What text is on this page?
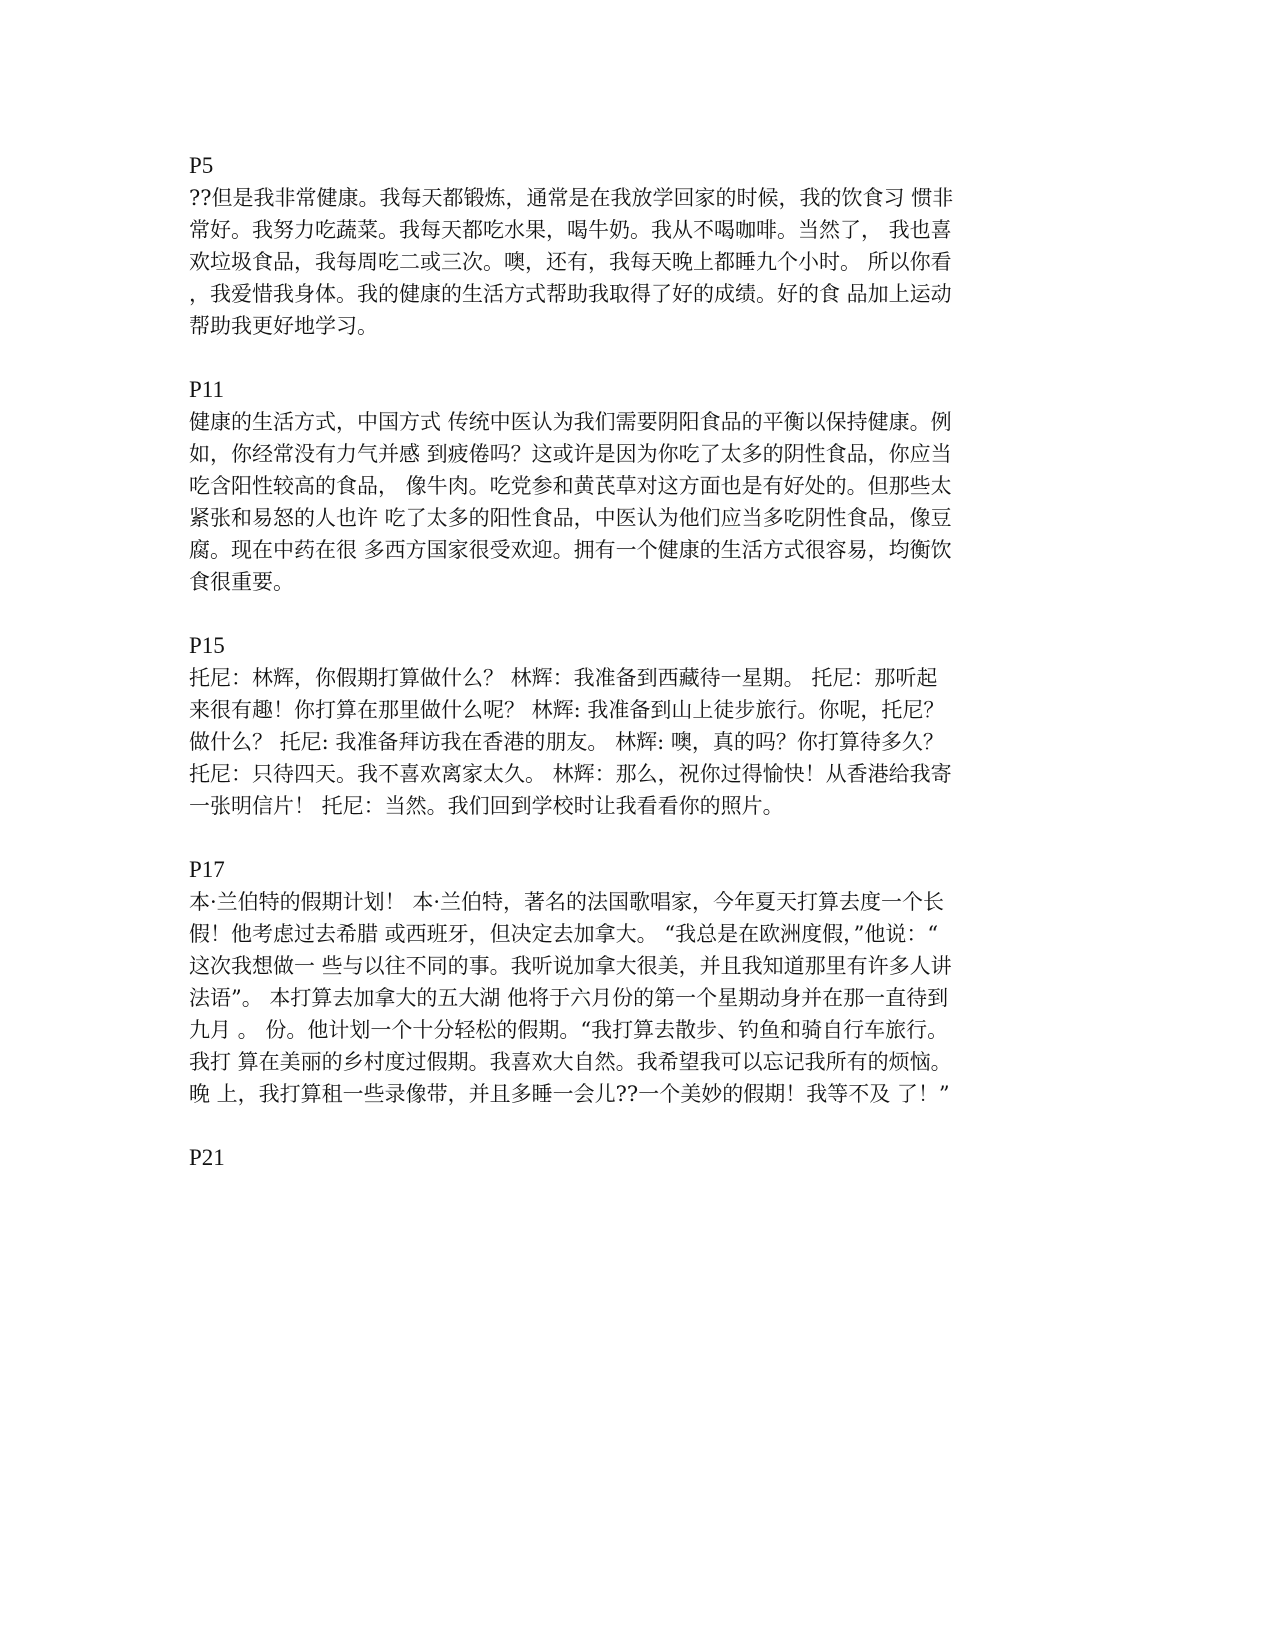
P5
??但是我非常健康。我每天都锻炼，通常是在我放学回家的时候，我的饮食习 惯非
常好。我努力吃蔬菜。我每天都吃水果，喝牛奶。我从不喝咖啡。当然了， 我也喜
欢垃圾食品，我每周吃二或三次。噢，还有，我每天晚上都睡九个小时。 所以你看
，我爱惜我身体。我的健康的生活方式帮助我取得了好的成绩。好的食 品加上运动
帮助我更好地学习。
P11
健康的生活方式，中国方式 传统中医认为我们需要阴阳食品的平衡以保持健康。例
如，你经常没有力气并感 到疲倦吗？这或许是因为你吃了太多的阴性食品，你应当
吃含阳性较高的食品， 像牛肉。吃党参和黄芪草对这方面也是有好处的。但那些太
紧张和易怒的人也许 吃了太多的阳性食品，中医认为他们应当多吃阴性食品，像豆
腐。现在中药在很 多西方国家很受欢迎。拥有一个健康的生活方式很容易，均衡饮
食很重要。
P15
托尼：林辉，你假期打算做什么？ 林辉：我准备到西藏待一星期。 托尼：那听起
来很有趣！你打算在那里做什么呢？ 林辉: 我准备到山上徒步旅行。你呢，托尼？
做什么？ 托尼: 我准备拜访我在香港的朋友。 林辉: 噢，真的吗？你打算待多久？
托尼：只待四天。我不喜欢离家太久。 林辉：那么，祝你过得愉快！从香港给我寄
一张明信片！ 托尼：当然。我们回到学校时让我看看你的照片。
P17
本·兰伯特的假期计划！ 本·兰伯特，著名的法国歌唱家，今年夏天打算去度一个长
假！他考虑过去希腊 或西班牙，但决定去加拿大。 “我总是在欧洲度假，”他说：“
这次我想做一 些与以往不同的事。我听说加拿大很美，并且我知道那里有许多人讲
法语”。 本打算去加拿大的五大湖 他将于六月份的第一个星期动身并在那一直待到
九月 。 份。他计划一个十分轻松的假期。“我打算去散步、钓鱼和骑自行车旅行。
我打 算在美丽的乡村度过假期。我喜欢大自然。我希望我可以忘记我所有的烦恼。
晚 上，我打算租一些录像带，并且多睡一会儿??一个美妙的假期！我等不及 了！”
P21
